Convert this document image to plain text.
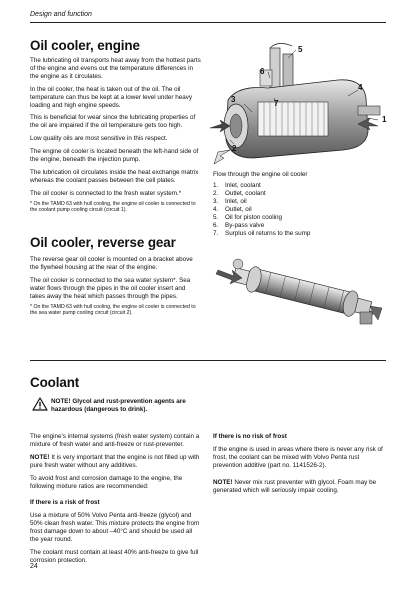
Design and function
Oil cooler, engine

The lubricating oil transports heat away from the hottest parts of the engine and evens out the temperature differences in the engine as it circulates.

In the oil cooler, the heat is taken out of the oil. The oil temperature can thus be kept at a lower level under heavy loading and high engine speeds.

This is beneficial for wear since the lubricating properties of the oil are impaired if the oil temperature gets too high.

Low quality oils are most sensitive in this respect.

The engine oil cooler is located beneath the left-hand side of the engine, beneath the injection pump.

The lubrication oil circulates inside the heat exchange matrix whereas the coolant passes between the cell plates.

The oil cooler is connected to the fresh water system.*

* On the TAMD 63 with hull cooling, the engine oil cooler is connected to the coolant pump cooling circuit (circuit 1).

1
2
3
4
5
6
7
Flow through the engine oil cooler
1. Inlet, coolant
2. Outlet, coolant
3. Inlet, oil
4. Outlet, oil
5. Oil for piston cooling
6. By-pass valve
7. Surplus oil returns to the sump
Oil cooler, reverse gear

The reverse gear oil cooler is mounted on a bracket above the flywheel housing at the rear of the engine.

The oil cooler is connected to the sea water system*. Sea water flows through the pipes in the oil cooler insert and takes away the heat which passes through the pipes.

* On the TAMD 63 with hull cooling, the engine oil cooler is connected to the sea water pump cooling circuit (circuit 2).

Coolant
NOTE! Glycol and rust-prevention agents are hazardous (dangerous to drink).

The engine’s internal systems (fresh water system) contain a mixture of fresh water and anti-freeze or rust-preventer.

NOTE! It is very important that the engine is not filled up with pure fresh water without any additives.

To avoid frost and corrosion damage to the engine, the following mixture ratios are recommended:

If there is a risk of frost

Use a mixture of 50% Volvo Penta anti-freeze (glycol) and 50% clean fresh water. This mixture protects the engine from frost damage down to about –40°C and should be used all the year round.

The coolant must contain at least 40% anti-freeze to give full corrosion protection.

If there is no risk of frost

If the engine is used in areas where there is never any risk of frost, the coolant can be mixed with Volvo Penta rust prevention additive (part no. 1141526-2).

NOTE! Never mix rust preventer with glycol. Foam may be generated which will seriously impair cooling.

24
